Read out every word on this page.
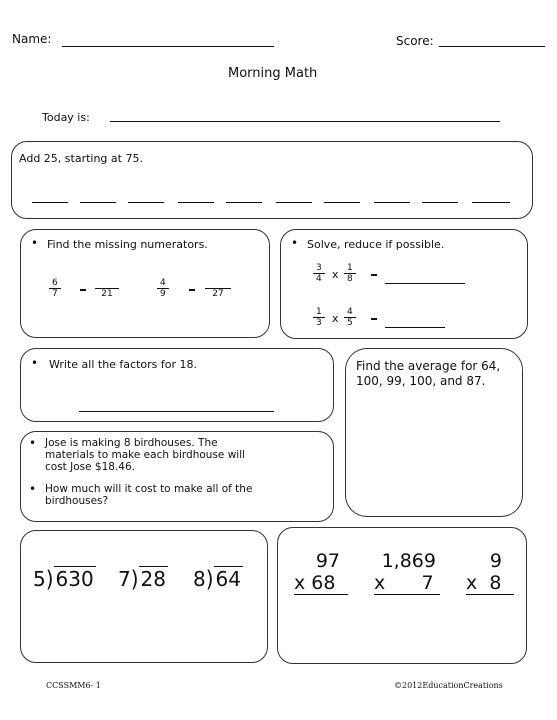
Name:	Score:
Morning Math
Today is:
Add 25, starting at 75.
• Find the missing numerators.
6
7
	21
4
9
	27
• Solve, reduce if possible.
3
4 x 1
8
1
3 x 4
5
• Write all the factors for 18.	Find the average for 64, 100, 99, 100, and 87.
• Jose is making 8 birdhouses. The materials to make each birdhouse will cost Jose $18.46.
• How much will it cost to make all of the birdhouses?
5) 630 7) 28 8) 64
97
x 68
1,869
x      7
9
x  8
CCSSMM6- 1	©2012EducationCreations
